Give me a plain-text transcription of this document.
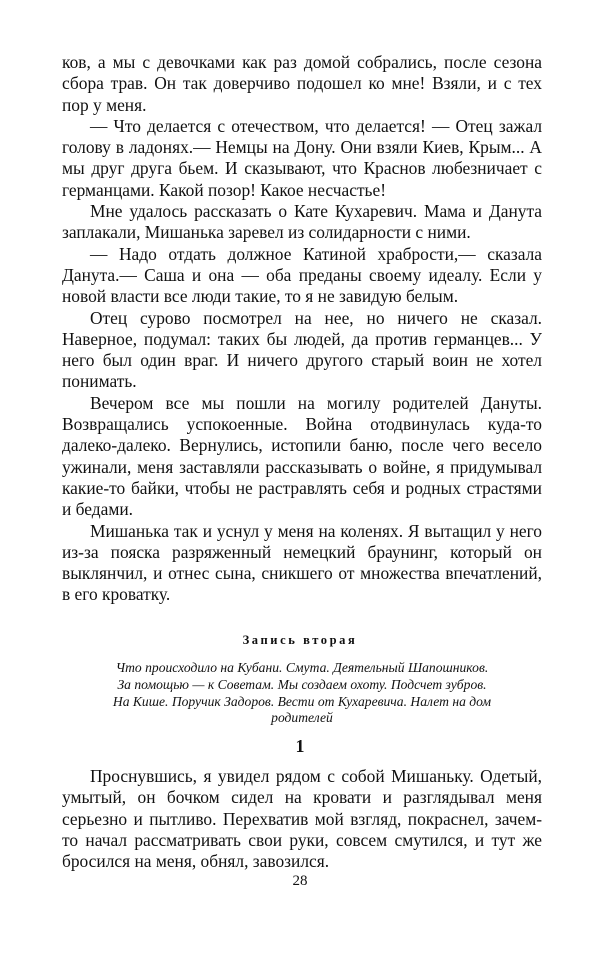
ков, а мы с девочками как раз домой собрались, после сезона сбора трав. Он так доверчиво подошел ко мне! Взяли, и с тех пор у меня.

— Что делается с отечеством, что делается! — Отец зажал голову в ладонях.— Немцы на Дону. Они взяли Киев, Крым... А мы друг друга бьем. И сказывают, что Краснов любезничает с германцами. Какой позор! Какое несчастье!

Мне удалось рассказать о Кате Кухаревич. Мама и Данута заплакали, Мишанька заревел из солидарности с ними.

— Надо отдать должное Катиной храбрости,— сказала Данута.— Саша и она — оба преданы своему идеалу. Если у новой власти все люди такие, то я не завидую белым.

Отец сурово посмотрел на нее, но ничего не сказал. Наверное, подумал: таких бы людей, да против германцев... У него был один враг. И ничего другого старый воин не хотел понимать.

Вечером все мы пошли на могилу родителей Дануты. Возвращались успокоенные. Война отодвинулась куда-то далеко-далеко. Вернулись, истопили баню, после чего весело ужинали, меня заставляли рассказывать о войне, я придумывал какие-то байки, чтобы не растравлять себя и родных страстями и бедами.

Мишанька так и уснул у меня на коленях. Я вытащил у него из-за пояска разряженный немецкий браунинг, который он выклянчил, и отнес сына, сникшего от множества впечатлений, в его кроватку.

Запись вторая
Что происходило на Кубани. Смута. Деятельный Шапошников.
За помощью — к Советам. Мы создаем охоту. Подсчет зубров.
На Кише. Поручик Задоров. Вести от Кухаревича. Налет на дом
родителей
1

Проснувшись, я увидел рядом с собой Мишаньку. Одетый, умытый, он бочком сидел на кровати и разглядывал меня серьезно и пытливо. Перехватив мой взгляд, покраснел, зачем-то начал рассматривать свои руки, совсем смутился, и тут же бросился на меня, обнял, завозился.

28
